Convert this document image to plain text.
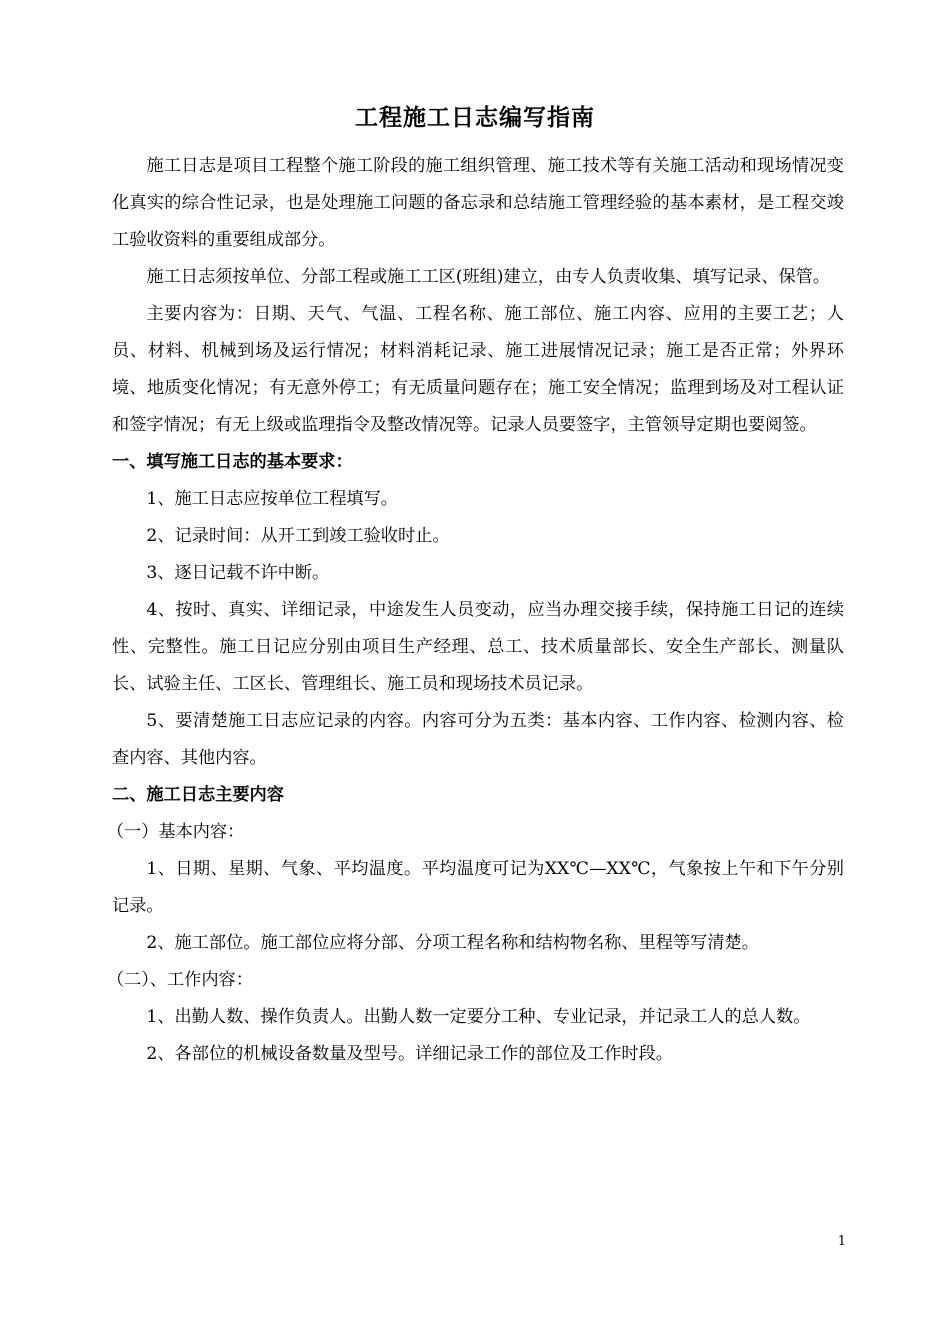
工程施工日志编写指南

施工日志是项目工程整个施工阶段的施工组织管理、施工技术等有关施工活动和现场情况变化真实的综合性记录，也是处理施工问题的备忘录和总结施工管理经验的基本素材，是工程交竣工验收资料的重要组成部分。

施工日志须按单位、分部工程或施工工区(班组)建立，由专人负责收集、填写记录、保管。

主要内容为：日期、天气、气温、工程名称、施工部位、施工内容、应用的主要工艺；人员、材料、机械到场及运行情况；材料消耗记录、施工进展情况记录；施工是否正常；外界环境、地质变化情况；有无意外停工；有无质量问题存在；施工安全情况；监理到场及对工程认证和签字情况；有无上级或监理指令及整改情况等。记录人员要签字，主管领导定期也要阅签。

一、填写施工日志的基本要求：

1、施工日志应按单位工程填写。

2、记录时间：从开工到竣工验收时止。

3、逐日记载不许中断。

4、按时、真实、详细记录，中途发生人员变动，应当办理交接手续，保持施工日记的连续性、完整性。施工日记应分别由项目生产经理、总工、技术质量部长、安全生产部长、测量队长、试验主任、工区长、管理组长、施工员和现场技术员记录。

5、要清楚施工日志应记录的内容。内容可分为五类：基本内容、工作内容、检测内容、检查内容、其他内容。

二、施工日志主要内容

（一）基本内容：

1、日期、星期、气象、平均温度。平均温度可记为XX℃—XX℃，气象按上午和下午分别记录。

2、施工部位。施工部位应将分部、分项工程名称和结构物名称、里程等写清楚。

（二）、工作内容：

1、出勤人数、操作负责人。出勤人数一定要分工种、专业记录，并记录工人的总人数。

2、各部位的机械设备数量及型号。详细记录工作的部位及工作时段。

1
